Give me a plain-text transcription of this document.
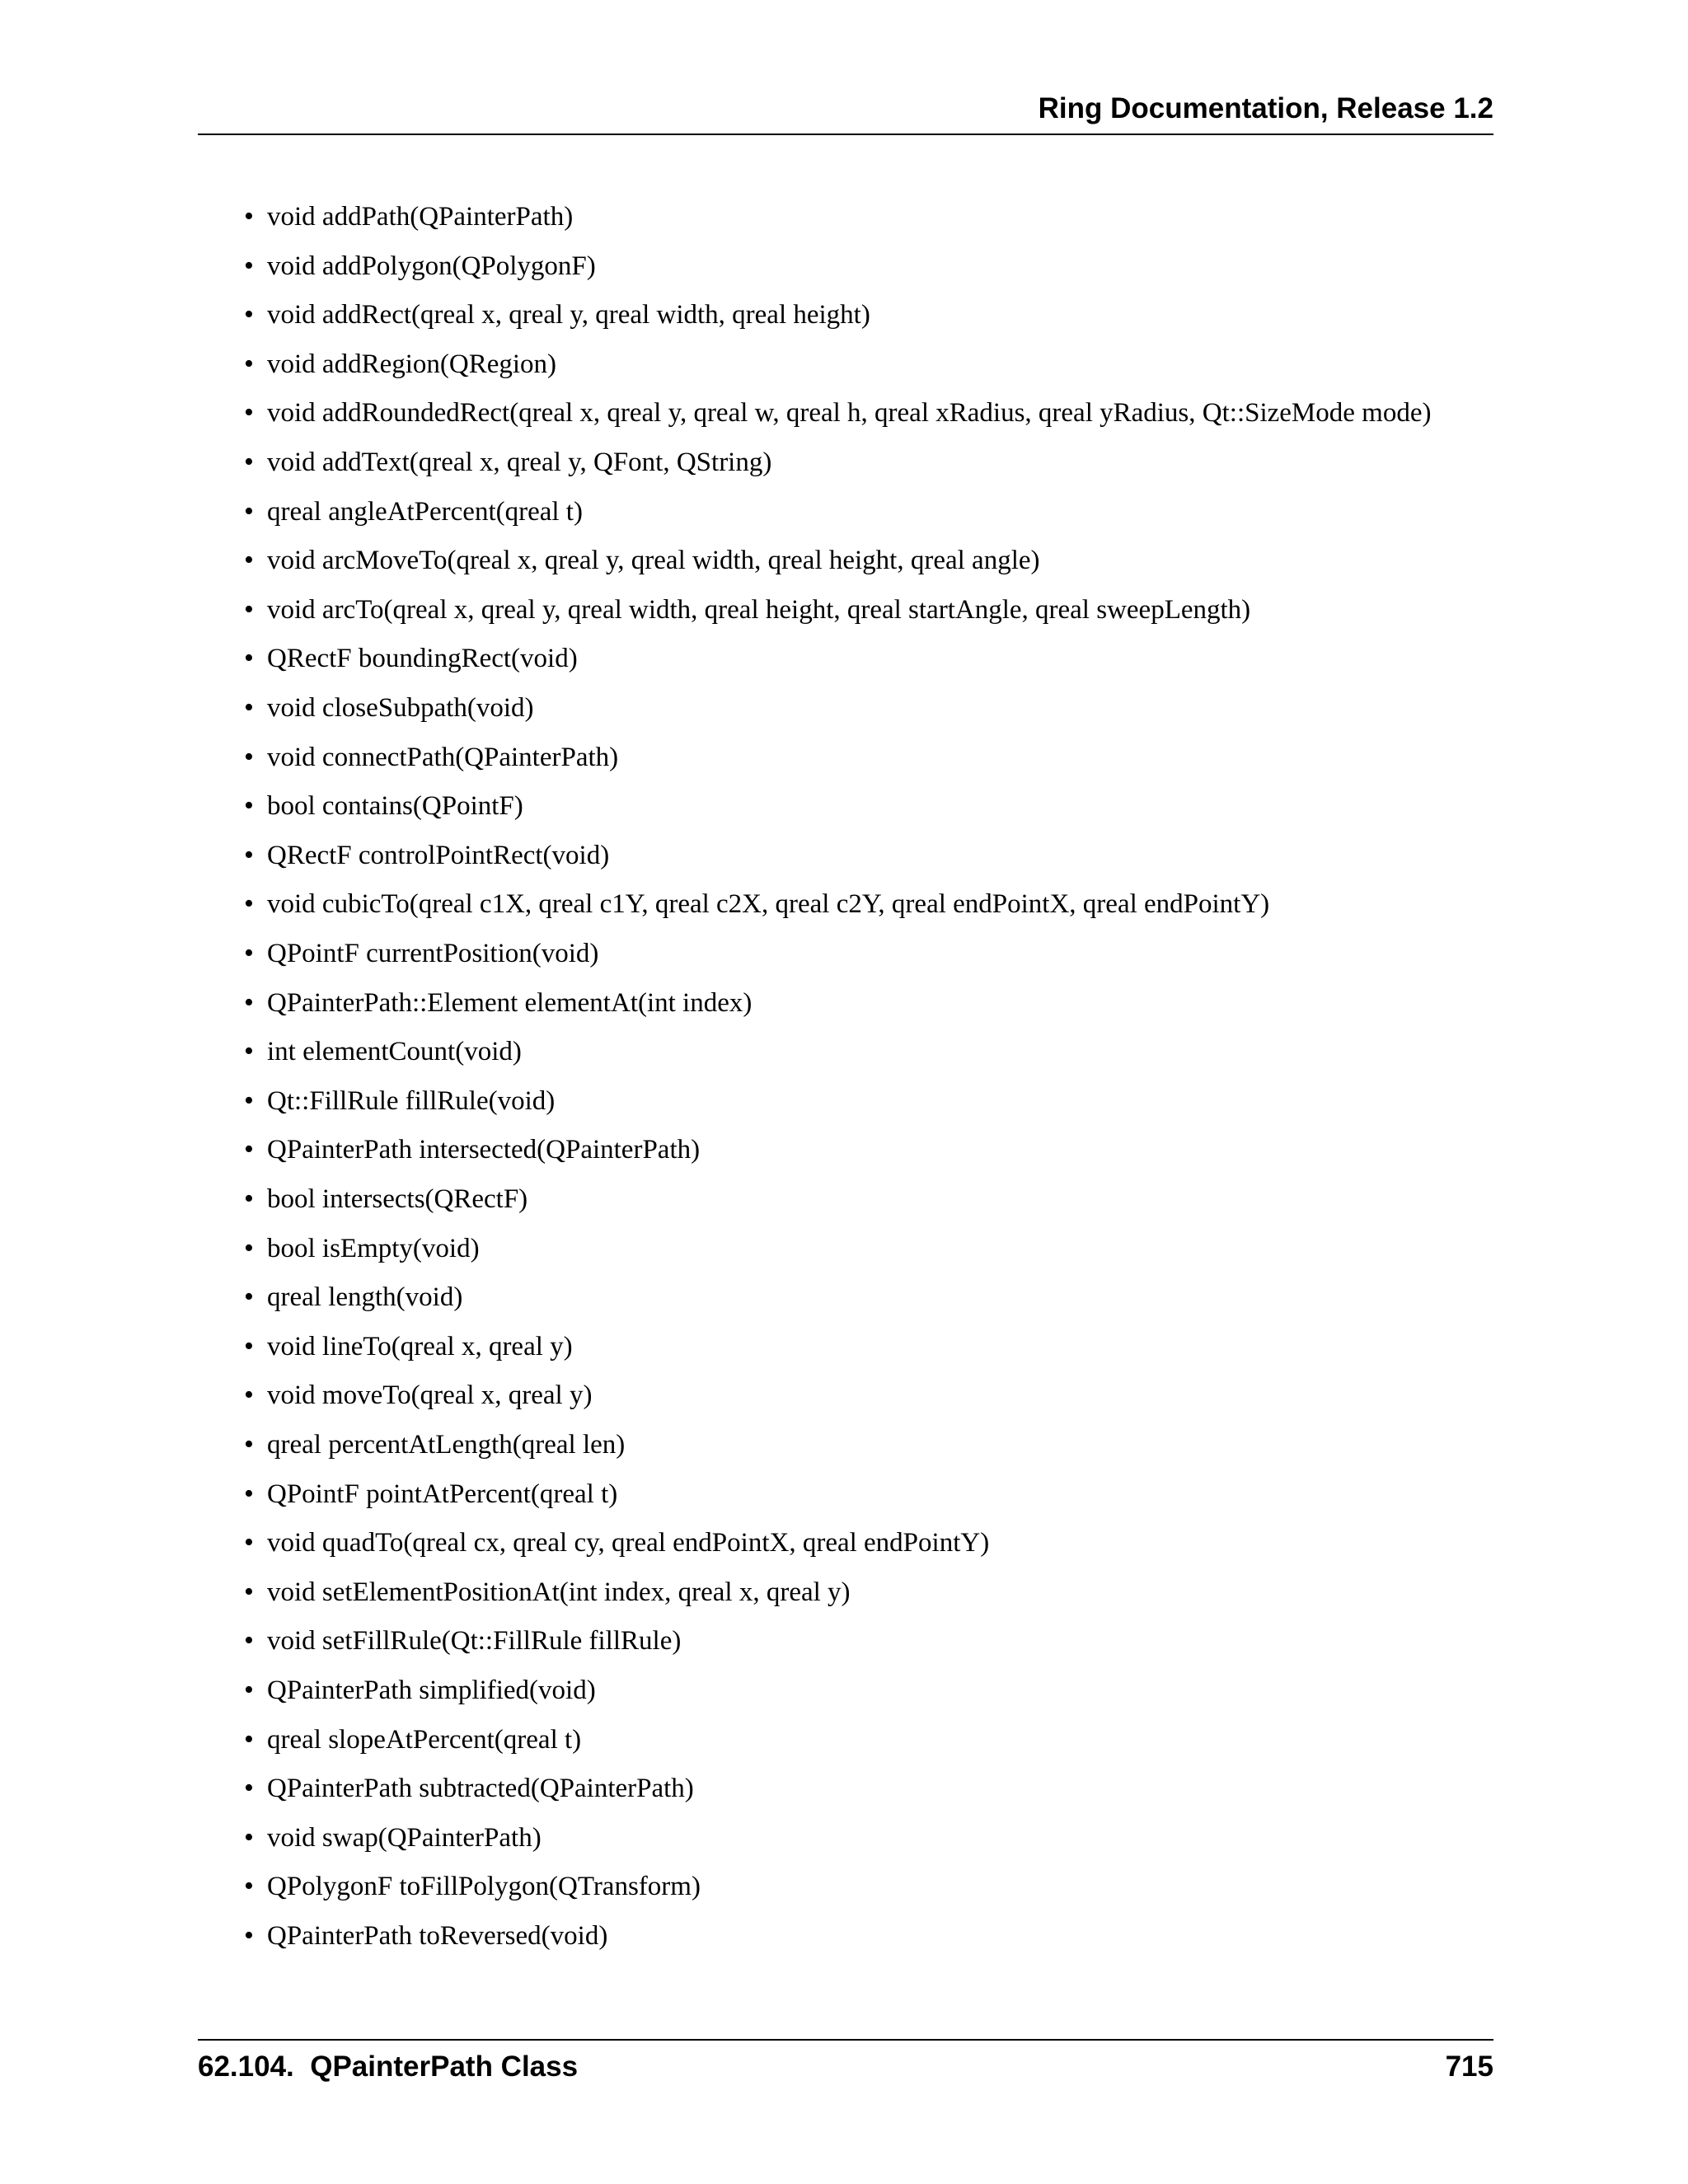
Ring Documentation, Release 1.2
• void addPath(QPainterPath)
• void addPolygon(QPolygonF)
• void addRect(qreal x, qreal y, qreal width, qreal height)
• void addRegion(QRegion)
• void addRoundedRect(qreal x, qreal y, qreal w, qreal h, qreal xRadius, qreal yRadius, Qt::SizeMode mode)
• void addText(qreal x, qreal y, QFont, QString)
• qreal angleAtPercent(qreal t)
• void arcMoveTo(qreal x, qreal y, qreal width, qreal height, qreal angle)
• void arcTo(qreal x, qreal y, qreal width, qreal height, qreal startAngle, qreal sweepLength)
• QRectF boundingRect(void)
• void closeSubpath(void)
• void connectPath(QPainterPath)
• bool contains(QPointF)
• QRectF controlPointRect(void)
• void cubicTo(qreal c1X, qreal c1Y, qreal c2X, qreal c2Y, qreal endPointX, qreal endPointY)
• QPointF currentPosition(void)
• QPainterPath::Element elementAt(int index)
• int elementCount(void)
• Qt::FillRule fillRule(void)
• QPainterPath intersected(QPainterPath)
• bool intersects(QRectF)
• bool isEmpty(void)
• qreal length(void)
• void lineTo(qreal x, qreal y)
• void moveTo(qreal x, qreal y)
• qreal percentAtLength(qreal len)
• QPointF pointAtPercent(qreal t)
• void quadTo(qreal cx, qreal cy, qreal endPointX, qreal endPointY)
• void setElementPositionAt(int index, qreal x, qreal y)
• void setFillRule(Qt::FillRule fillRule)
• QPainterPath simplified(void)
• qreal slopeAtPercent(qreal t)
• QPainterPath subtracted(QPainterPath)
• void swap(QPainterPath)
• QPolygonF toFillPolygon(QTransform)
• QPainterPath toReversed(void)
62.104.  QPainterPath Class	715
